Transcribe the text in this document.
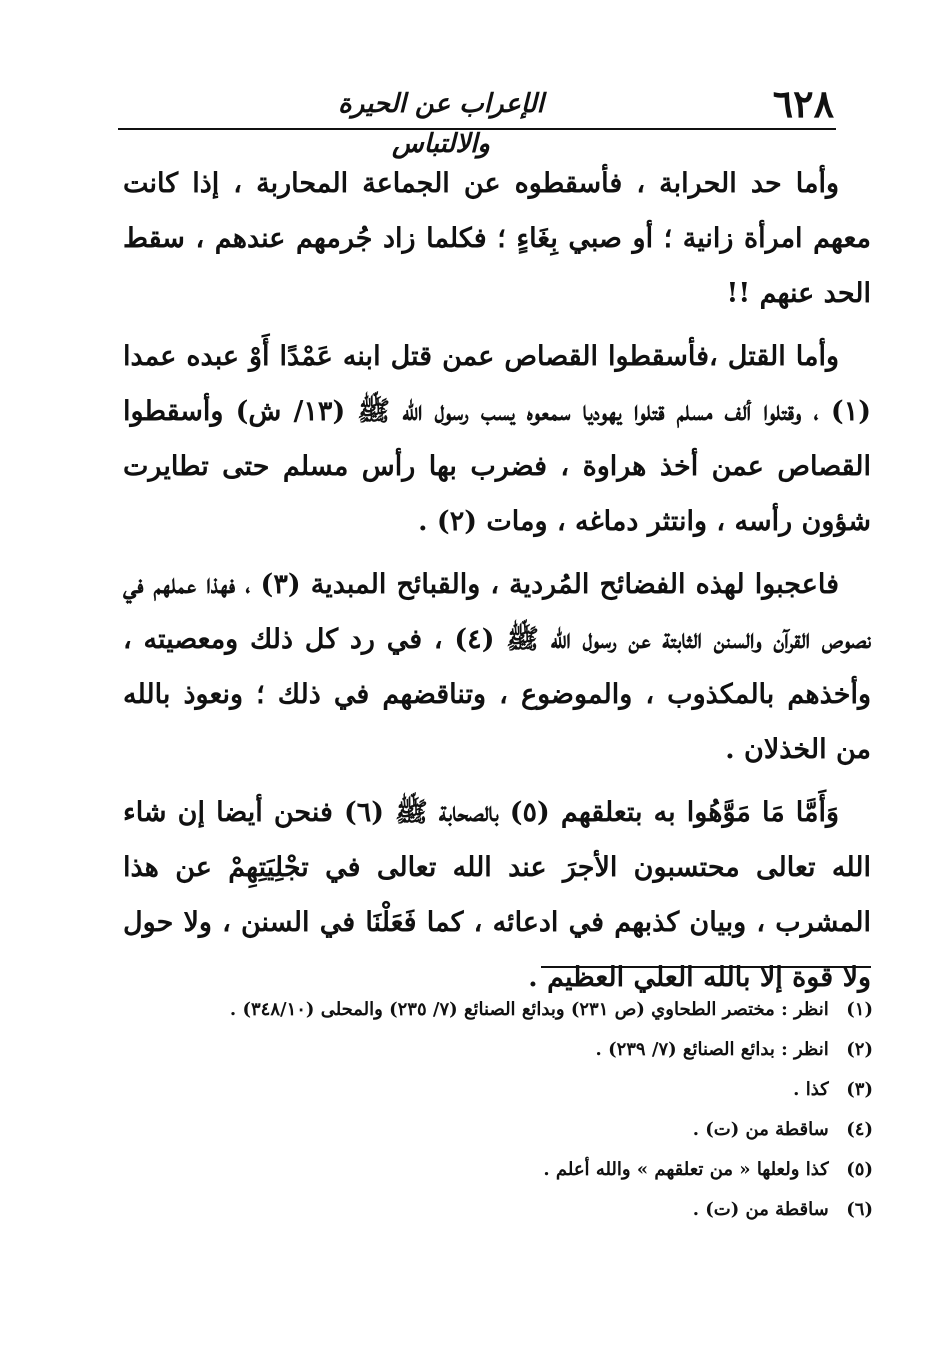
٦٢٨
الإعراب عن الحيرة والالتباس

وأما حد الحرابة ، فأسقطوه عن الجماعة المحاربة ، إذا كانت معهم امرأة زانية ؛ أو صبي بِغَاءٍ ؛ فكلما زاد جُرمهم عندهم ، سقط الحد عنهم !!

وأما القتل ،فأسقطوا القصاص عمن قتل ابنه عَمْدًا أَوْ عبده عمدا (١) ، وقتلوا ألف مسلم قتلوا يهوديا سمعوه يسب رسول الله ﷺ (١٣/ ش) وأسقطوا القصاص عمن أخذ هراوة ، فضرب بها رأس مسلم حتى تطايرت شؤون رأسه ، وانتثر دماغه ، ومات (٢) .

فاعجبوا لهذه الفضائح المُردية ، والقبائح المبدية (٣) ، فهذا عملهم في نصوص القرآن والسنن الثابتة عن رسول الله ﷺ (٤) ، في رد كل ذلك ومعصيته ، وأخذهم بالمكذوب ، والموضوع ، وتناقضهم في ذلك ؛ ونعوذ بالله من الخذلان .

وَأَمَّا مَا مَوَّهُوا به بتعلقهم (٥) بالصحابة ﷺ (٦) فنحن أيضا إن شاء الله تعالى محتسبون الأجرَ عند الله تعالى في تجْلِيَتِهِمْ عن هذا المشرب ، وبيان كذبهم في ادعائه ، كما فَعَلْنَا في السنن ، ولا حول ولا قوة إلا بالله العلي العظيم .

(١) انظر : مختصر الطحاوي (ص ٢٣١) وبدائع الصنائع (٧/ ٢٣٥) والمحلى (٣٤٨/١٠) .
(٢) انظر : بدائع الصنائع (٧/ ٢٣٩) .
(٣) كذا .
(٤) ساقطة من (ت) .
(٥) كذا ولعلها « من تعلقهم » والله أعلم .
(٦) ساقطة من (ت) .
